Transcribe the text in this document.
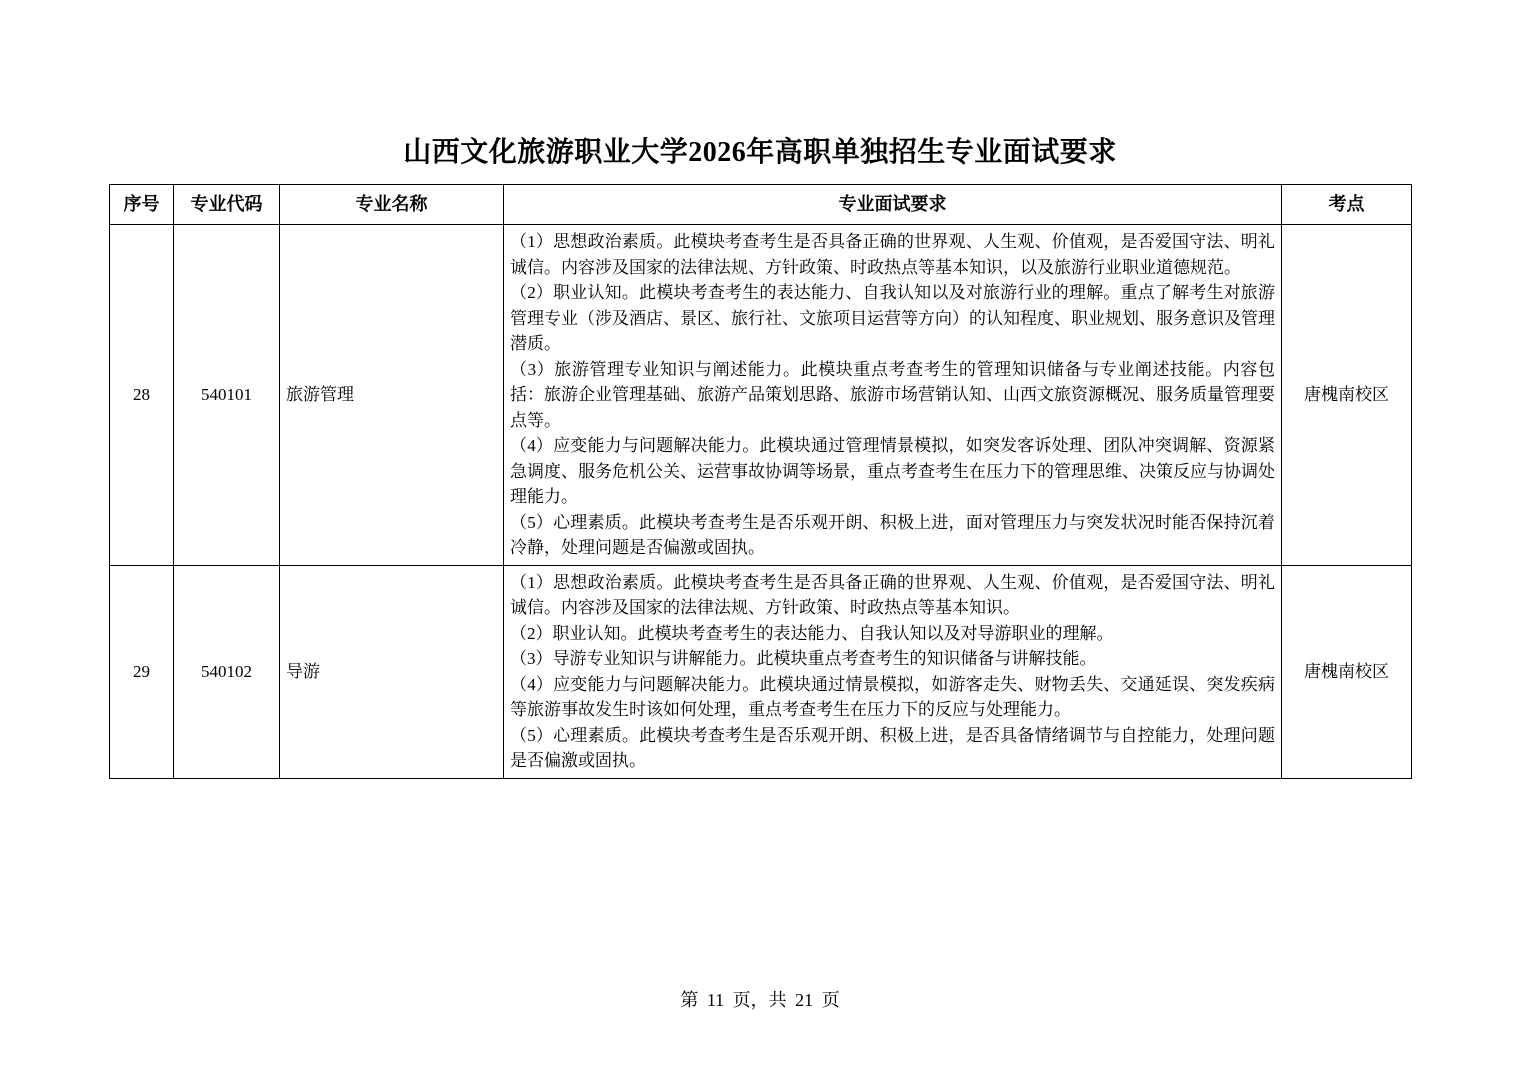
山西文化旅游职业大学2026年高职单独招生专业面试要求
序号	专业代码	专业名称	专业面试要求	考点
28	540101	旅游管理	（1）思想政治素质。此模块考查考生是否具备正确的世界观、人生观、价值观，是否爱国守法、明礼诚信。内容涉及国家的法律法规、方针政策、时政热点等基本知识，以及旅游行业职业道德规范。

（2）职业认知。此模块考查考生的表达能力、自我认知以及对旅游行业的理解。重点了解考生对旅游管理专业（涉及酒店、景区、旅行社、文旅项目运营等方向）的认知程度、职业规划、服务意识及管理潜质。

（3）旅游管理专业知识与阐述能力。此模块重点考查考生的管理知识储备与专业阐述技能。内容包括：旅游企业管理基础、旅游产品策划思路、旅游市场营销认知、山西文旅资源概况、服务质量管理要点等。

（4）应变能力与问题解决能力。此模块通过管理情景模拟，如突发客诉处理、团队冲突调解、资源紧急调度、服务危机公关、运营事故协调等场景，重点考查考生在压力下的管理思维、决策反应与协调处理能力。

（5）心理素质。此模块考查考生是否乐观开朗、积极上进，面对管理压力与突发状况时能否保持沉着冷静，处理问题是否偏激或固执。	唐槐南校区
29	540102	导游	（1）思想政治素质。此模块考查考生是否具备正确的世界观、人生观、价值观，是否爱国守法、明礼诚信。内容涉及国家的法律法规、方针政策、时政热点等基本知识。

（2）职业认知。此模块考查考生的表达能力、自我认知以及对导游职业的理解。

（3）导游专业知识与讲解能力。此模块重点考查考生的知识储备与讲解技能。

（4）应变能力与问题解决能力。此模块通过情景模拟，如游客走失、财物丢失、交通延误、突发疾病等旅游事故发生时该如何处理，重点考查考生在压力下的反应与处理能力。

（5）心理素质。此模块考查考生是否乐观开朗、积极上进，是否具备情绪调节与自控能力，处理问题是否偏激或固执。	唐槐南校区
第 11 页，共 21 页
